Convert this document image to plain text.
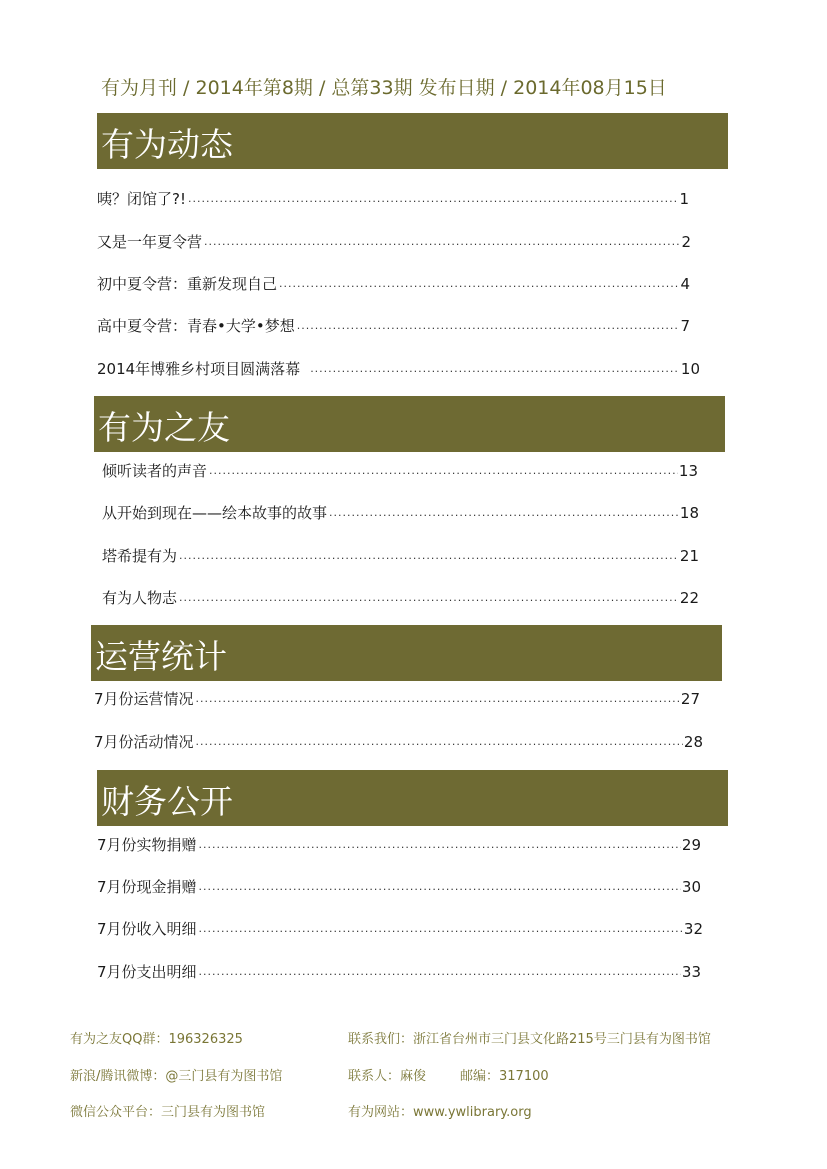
有为月刊 / 2014年第8期 / 总第33期 发布日期 / 2014年08月15日
有为动态
咦？闭馆了?! .....	1
又是一年夏令营 .....	2
初中夏令营：重新发现自己 .....	4
高中夏令营：青春•大学•梦想 .....	7
2014年博雅乡村项目圆满落幕 .....	10
有为之友
倾听读者的声音 .....	13
从开始到现在——绘本故事的故事 .....	18
塔希提有为 .....	21
有为人物志 .....	22
运营统计
7月份运营情况 .....	27
7月份活动情况 .....	28
财务公开
7月份实物捐赠 .....	29
7月份现金捐赠 .....	30
7月份收入明细 .....	32
7月份支出明细 .....	33
有为之友QQ群：196326325
新浪/腾讯微博：@三门县有为图书馆
微信公众平台：三门县有为图书馆
联系我们：浙江省台州市三门县文化路215号三门县有为图书馆
联系人：麻俊	邮编：317100
有为网站：www.ywlibrary.org
